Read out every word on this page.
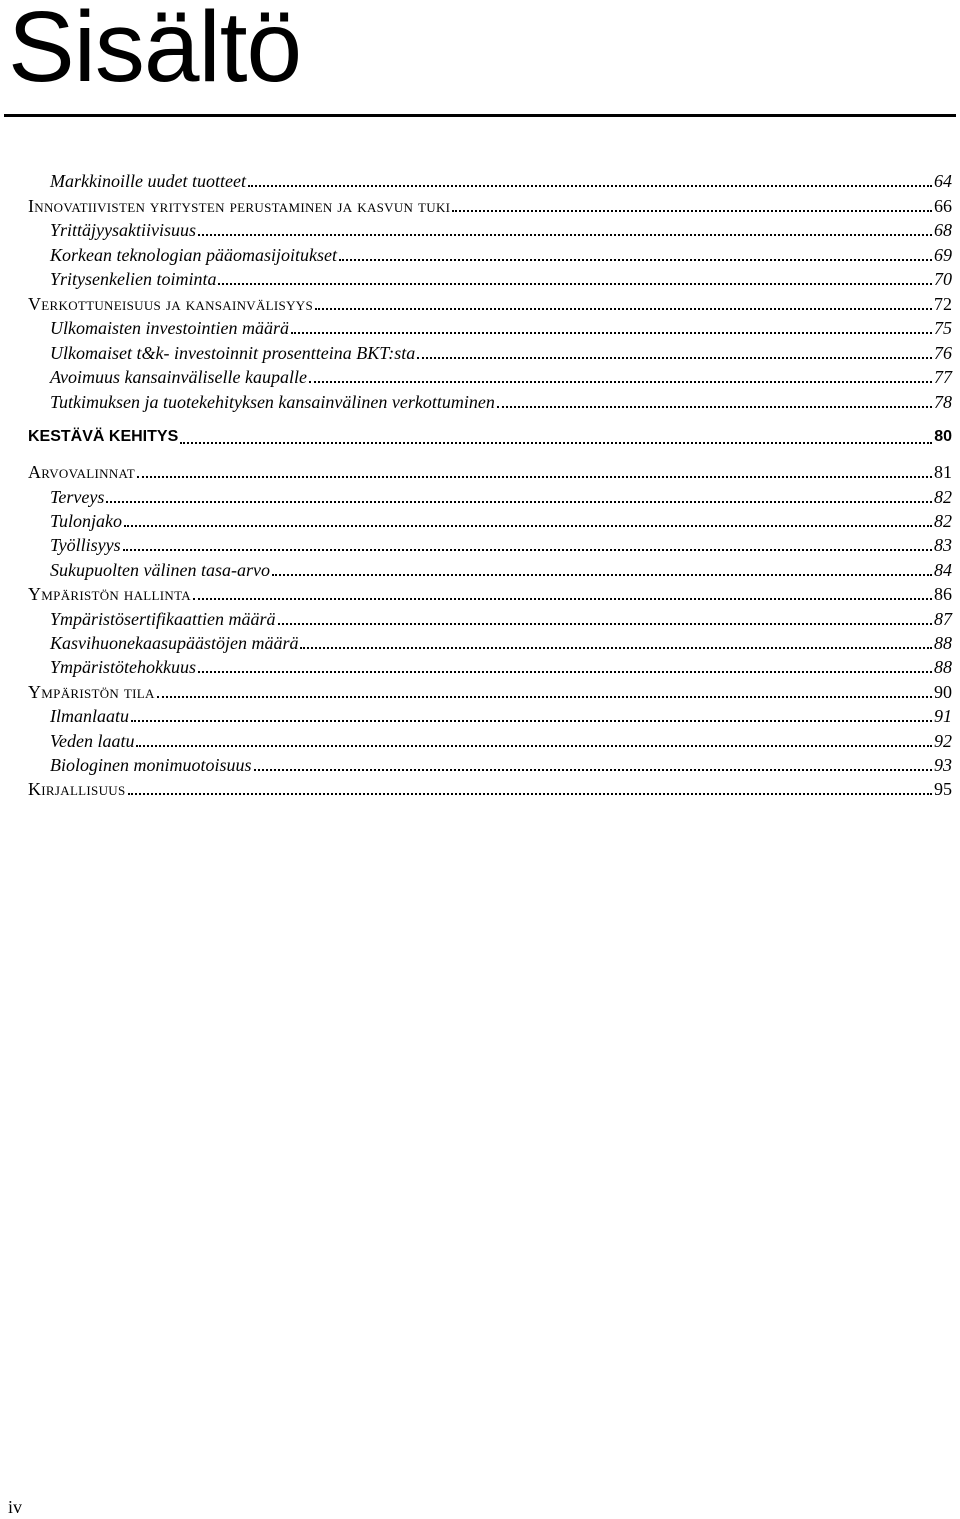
Sisältö
Markkinoille uudet tuotteet	64
Innovatiivisten yritysten perustaminen ja kasvun tuki	66
Yrittäjyysaktiivisuus	68
Korkean teknologian pääomasijoitukset	69
Yritysenkelien toiminta	70
Verkottuneisuus ja kansainvälisyys	72
Ulkomaisten investointien määrä	75
Ulkomaiset t&k- investoinnit prosentteina BKT:sta	76
Avoimuus kansainväliselle kaupalle	77
Tutkimuksen ja tuotekehityksen kansainvälinen verkottuminen	78
KESTÄVÄ KEHITYS	80
Arvovalinnat	81
Terveys	82
Tulonjako	82
Työllisyys	83
Sukupuolten välinen tasa-arvo	84
Ympäristön hallinta	86
Ympäristösertifikaattien määrä	87
Kasvihuonekaasupäästöjen määrä	88
Ympäristötehokkuus	88
Ympäristön tila	90
Ilmanlaatu	91
Veden laatu	92
Biologinen monimuotoisuus	93
Kirjallisuus	95
iv
